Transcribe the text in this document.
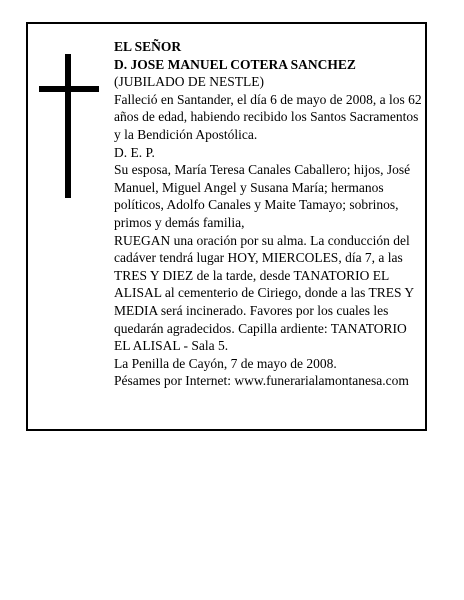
EL SEÑOR

D. JOSE MANUEL COTERA SANCHEZ

(JUBILADO DE NESTLE)

Falleció en Santander, el día 6 de mayo de 2008, a los 62 años de edad, habiendo recibido los Santos Sacramentos y la Bendición Apostólica.

D. E. P.

Su esposa, María Teresa Canales Caballero; hijos, José Manuel, Miguel Angel y Susana María; hermanos políticos, Adolfo Canales y Maite Tamayo; sobrinos, primos y demás familia,

RUEGAN una oración por su alma. La conducción del cadáver tendrá lugar HOY, MIERCOLES, día 7, a las TRES Y DIEZ de la tarde, desde TANATORIO EL ALISAL al cementerio de Ciriego, donde a las TRES Y MEDIA será incinerado. Favores por los cuales les quedarán agradecidos. Capilla ardiente: TANATORIO EL ALISAL - Sala 5.

La Penilla de Cayón, 7 de mayo de 2008.

Pésames por Internet: www.funerarialamontanesa.com
